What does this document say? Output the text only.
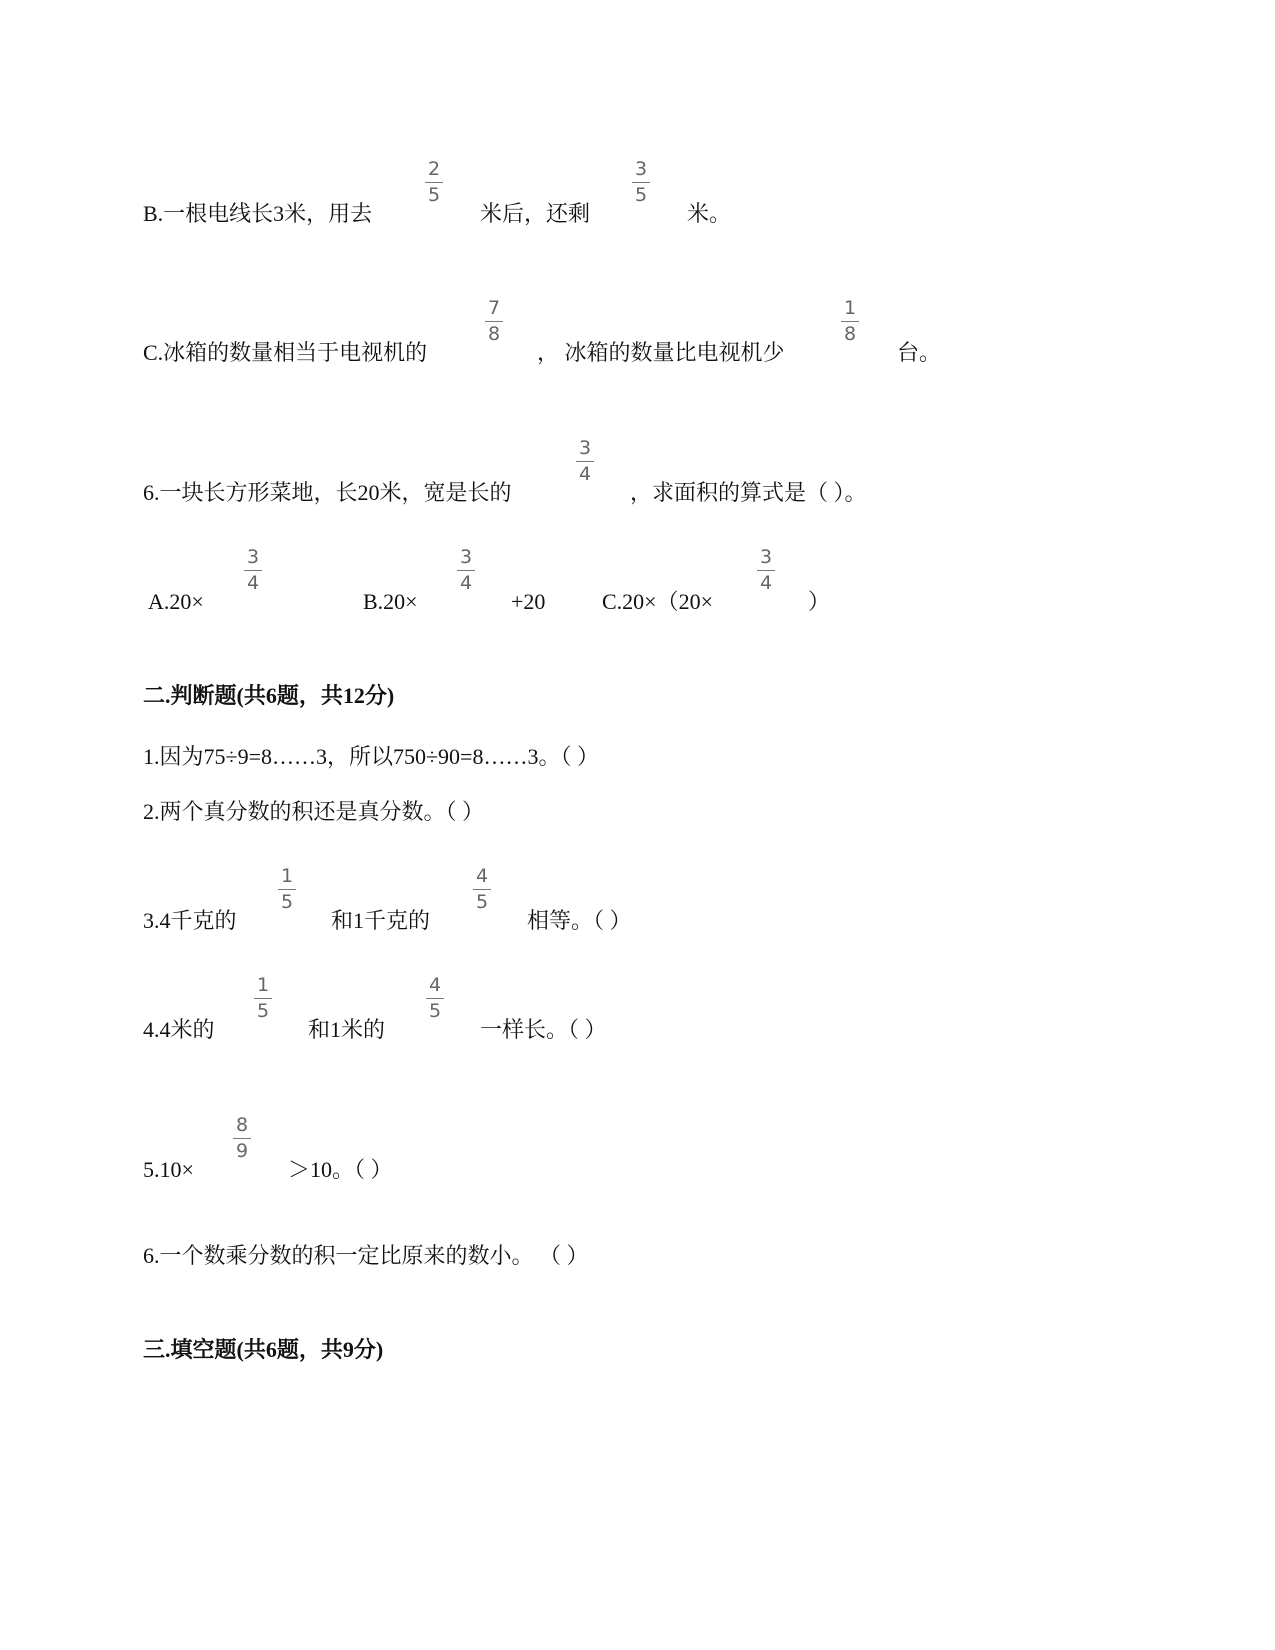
B.一根电线长3米，用去
2
5
米后，还剩
3
5
米。
C.冰箱的数量相当于电视机的
7
8
， 冰箱的数量比电视机少
1
8
台。
6.一块长方形菜地，长20米，宽是长的
3
4
，求面积的算式是（ ）。
A.20×
3
4
B.20×
3
4
+20	C.20×（20×
3
4
）
二.判断题(共6题，共12分)
1.因为75÷9=8……3，所以750÷90=8……3。（ ）
2.两个真分数的积还是真分数。（ ）
3.4千克的
1
5
和1千克的
4
5
相等。（ ）
4.4米的
1
5
和1米的
4
5
一样长。（ ）
5.10×
8
9
＞10。（ ）
6.一个数乘分数的积一定比原来的数小。 （ ）
三.填空题(共6题，共9分)
